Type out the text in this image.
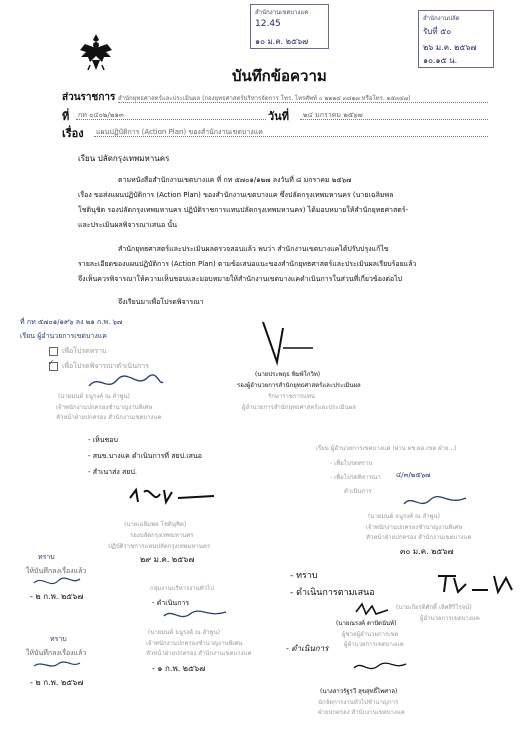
สำนักงานเขตบางแค
12.45
๑๐ ม.ค. ๒๕๖๗
สำนักงานปลัด
รับที่ ๕๐
๒๖ ม.ค. ๒๕๖๗
๑๐.๑๕ น.
บันทึกข้อความ
ส่วนราชการ สำนักยุทธศาสตร์และประเมินผล (กองยุทธศาสตร์บริหารจัดการ โทร. ไทรศัพท์ ๐ ๒๒๒๔ ๓๘๑๗ หรือโทร. ๑๕๓๔๗)
ที่ กท ๐๔๐๒/๒๑๓	วันที่ ๒๔ มกราคม ๒๕๖๗
เรื่อง แผนปฏิบัติการ (Action Plan) ของสำนักงานเขตบางแค
เรียน ปลัดกรุงเทพมหานคร
ตามหนังสือสำนักงานเขตบางแค ที่ กท ๕๗๐๑/๑๒๗ ลงวันที่ ๘ มกราคม ๒๕๖๗
เรื่อง ขอส่งแผนปฏิบัติการ (Action Plan) ของสำนักงานเขตบางแค ซึ่งปลัดกรุงเทพมหานคร (นายเฉลิมพล
โชตินุชิต รองปลัดกรุงเทพมหานคร ปฏิบัติราชการแทนปลัดกรุงเทพมหานคร) ได้มอบหมายให้สำนักยุทธศาสตร์-
และประเมินผลพิจารณาเสนอ นั้น
สำนักยุทธศาสตร์และประเมินผลตรวจสอบแล้ว พบว่า สำนักงานเขตบางแคได้ปรับปรุงแก้ไข
รายละเอียดของแผนปฏิบัติการ (Action Plan) ตามข้อเสนอแนะของสำนักยุทธศาสตร์และประเมินผลเรียบร้อยแล้ว
จึงเห็นควรพิจารณาให้ความเห็นชอบและมอบหมายให้สำนักงานเขตบางแคดำเนินการในส่วนที่เกี่ยวข้องต่อไป
จึงเรียนมาเพื่อโปรดพิจารณา
ที่ กท ๕๗๐๑/๑๙๖ ลง ๒๑ ก.พ. ๖๗
เรียน ผู้อำนวยการเขตบางแค
เพื่อโปรดทราบ
✓ เพื่อโปรดพิจารณาดำเนินการ
(นายมนต์ ธนูรงค์ ณ ลำพูน)
เจ้าพนักงานปกครองชำนาญงานพิเศษ
หัวหน้าฝ่ายปกครอง สำนักงานเขตบางแค
(นายประพฤธ พิมพ์โกวิท)
รองผู้อำนวยการสำนักยุทธศาสตร์และประเมินผล
รักษาราชการแทน
ผู้อำนวยการสำนักยุทธศาสตร์และประเมินผล
- เห็นชอบ
- สนข.บางแค ดำเนินการที่ สยป.เสนอ
- สำเนาส่ง สยป.
(นายเฉลิมพล โชตินุชิต)
รองปลัดกรุงเทพมหานคร
ปฏิบัติราชการแทนปลัดกรุงเทพมหานคร
๒๙ ม.ค. ๒๕๖๗
เรียน ผู้อำนวยการเขตบางแค (ผ่าน ผช.ผอ.เขต ฝ่าย...)
- เพื่อโปรดทราบ
- เพื่อโปรดพิจารณา ๔/๓/๒๕๖๗
ดำเนินการ
(นายมนต์ ธนูรงค์ ณ ลำพูน)
เจ้าพนักงานปกครองชำนาญงานพิเศษ
หัวหน้าฝ่ายปกครอง สำนักงานเขตบางแค
๓๐ ม.ค. ๒๕๖๗
ทราบ
ให้บันทึกลงเรื่องแล้ว
- ๒ ก.พ. ๒๕๖๗
ทราบ
ให้บันทึกลงเรื่องแล้ว
- ๒ ก.พ. ๒๕๖๗
กลุ่มงานบริหารงานทั่วไป
- ดำเนินการ
(นายมนต์ ธนูรงค์ ณ ลำพูน)
เจ้าพนักงานปกครองชำนาญงานพิเศษ
หัวหน้าฝ่ายปกครอง สำนักงานเขตบางแค
- ๑ ก.พ. ๒๕๖๗
- ทราบ
- ดำเนินการตามเสนอ
(นายเกียรติศักดิ์ เลิศสิริโรจน์)
ผู้อำนวยการเขตบางแค
(นายณรงค์ ดาปัดนันท์)
ผู้ช่วยผู้อำนวยการเขต
ผู้อำนวยการเขตบางแค
- ดำเนินการ
(นางสาวรัฐรวี สุขสุทธิ์ไพศาล)
นักจัดการงานทั่วไปชำนาญการ
ฝ่ายปกครอง สำนักงานเขตบางแค
